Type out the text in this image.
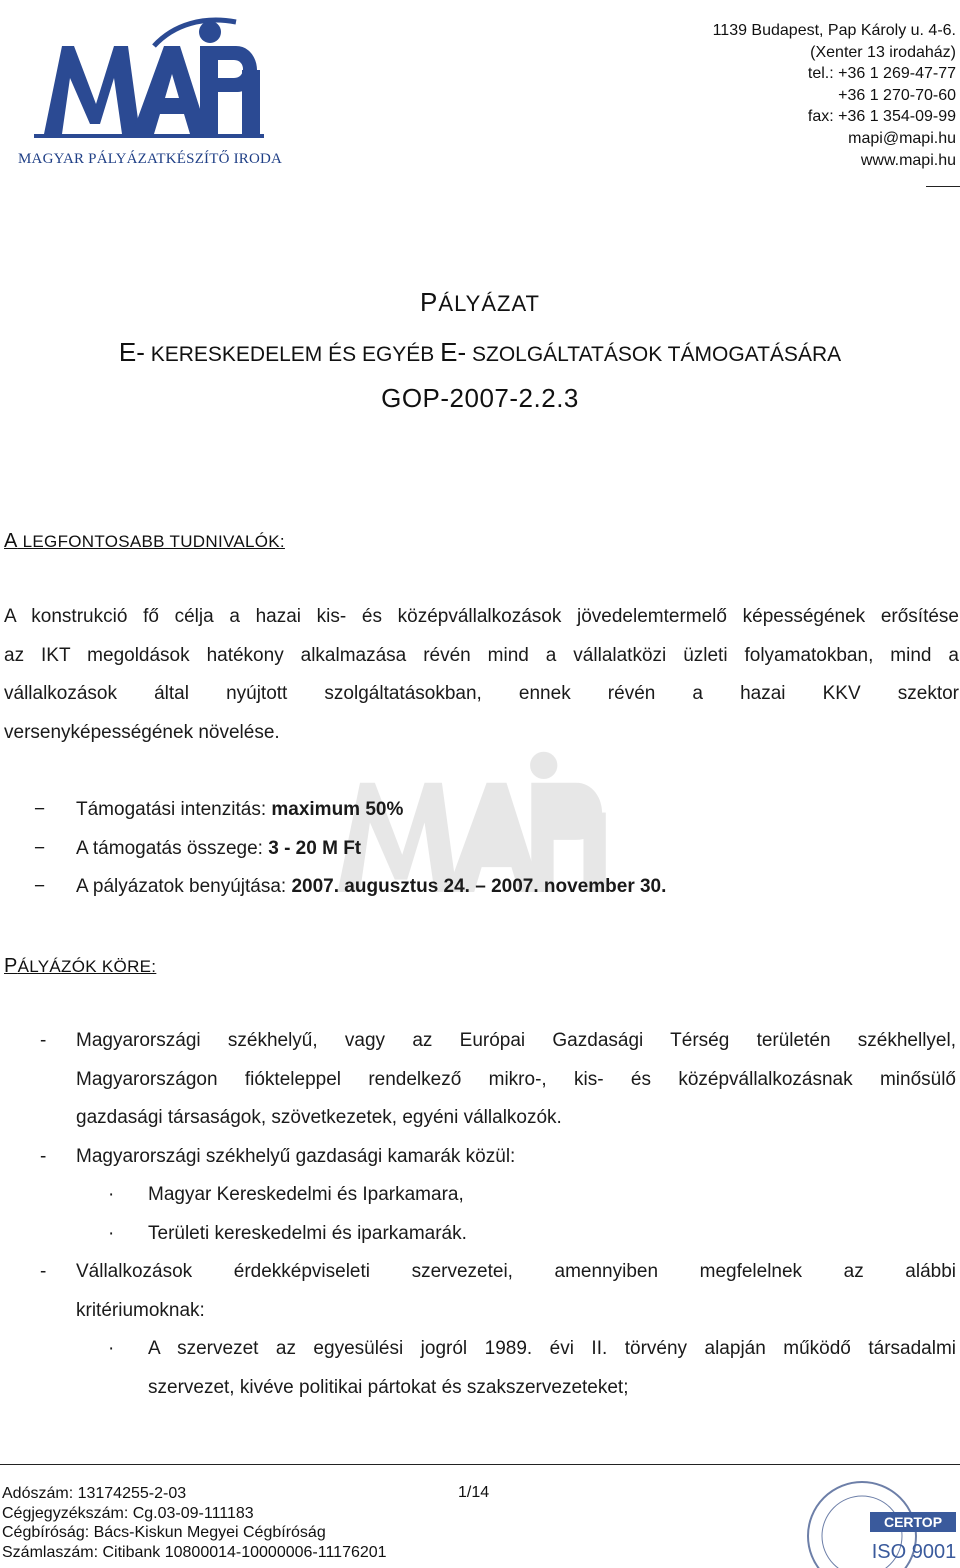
MAGYAR PÁLYÁZATKÉSZÍTŐ IRODA
1139 Budapest, Pap Károly u. 4-6.
(Xenter 13 irodaház)
tel.: +36 1 269-47-77
+36 1 270-70-60
fax: +36 1 354-09-99
mapi@mapi.hu
www.mapi.hu
PÁLYÁZAT
E- KERESKEDELEM ÉS EGYÉB E- SZOLGÁLTATÁSOK TÁMOGATÁSÁRA
GOP-2007-2.2.3
A LEGFONTOSABB TUDNIVALÓK:
A konstrukció fő célja a hazai kis- és középvállalkozások jövedelemtermelő képességének erősítése
az IKT megoldások hatékony alkalmazása révén mind a vállalatközi üzleti folyamatokban, mind a
vállalkozások által nyújtott szolgáltatásokban, ennek révén a hazai KKV szektor
versenyképességének növelése.
− Támogatási intenzitás: maximum 50%
− A támogatás összege: 3 - 20 M Ft
− A pályázatok benyújtása: 2007. augusztus 24. – 2007. november 30.
PÁLYÁZÓK KÖRE:
- Magyarországi székhelyű, vagy az Európai Gazdasági Térség területén székhellyel,
Magyarországon fiókteleppel rendelkező mikro-, kis- és középvállalkozásnak minősülő
gazdasági társaságok, szövetkezetek, egyéni vállalkozók.
- Magyarországi székhelyű gazdasági kamarák közül:
· Magyar Kereskedelmi és Iparkamara,
· Területi kereskedelmi és iparkamarák.
- Vállalkozások érdekképviseleti szervezetei, amennyiben megfelelnek az alábbi
kritériumoknak:
· A szervezet az egyesülési jogról 1989. évi II. törvény alapján működő társadalmi
szervezet, kivéve politikai pártokat és szakszervezeteket;
Adószám: 13174255-2-03
Cégjegyzékszám: Cg.03-09-111183
Cégbíróság: Bács-Kiskun Megyei Cégbíróság
Számlaszám: Citibank 10800014-10000006-11176201
1/14
CERTOP
ISO 9001
